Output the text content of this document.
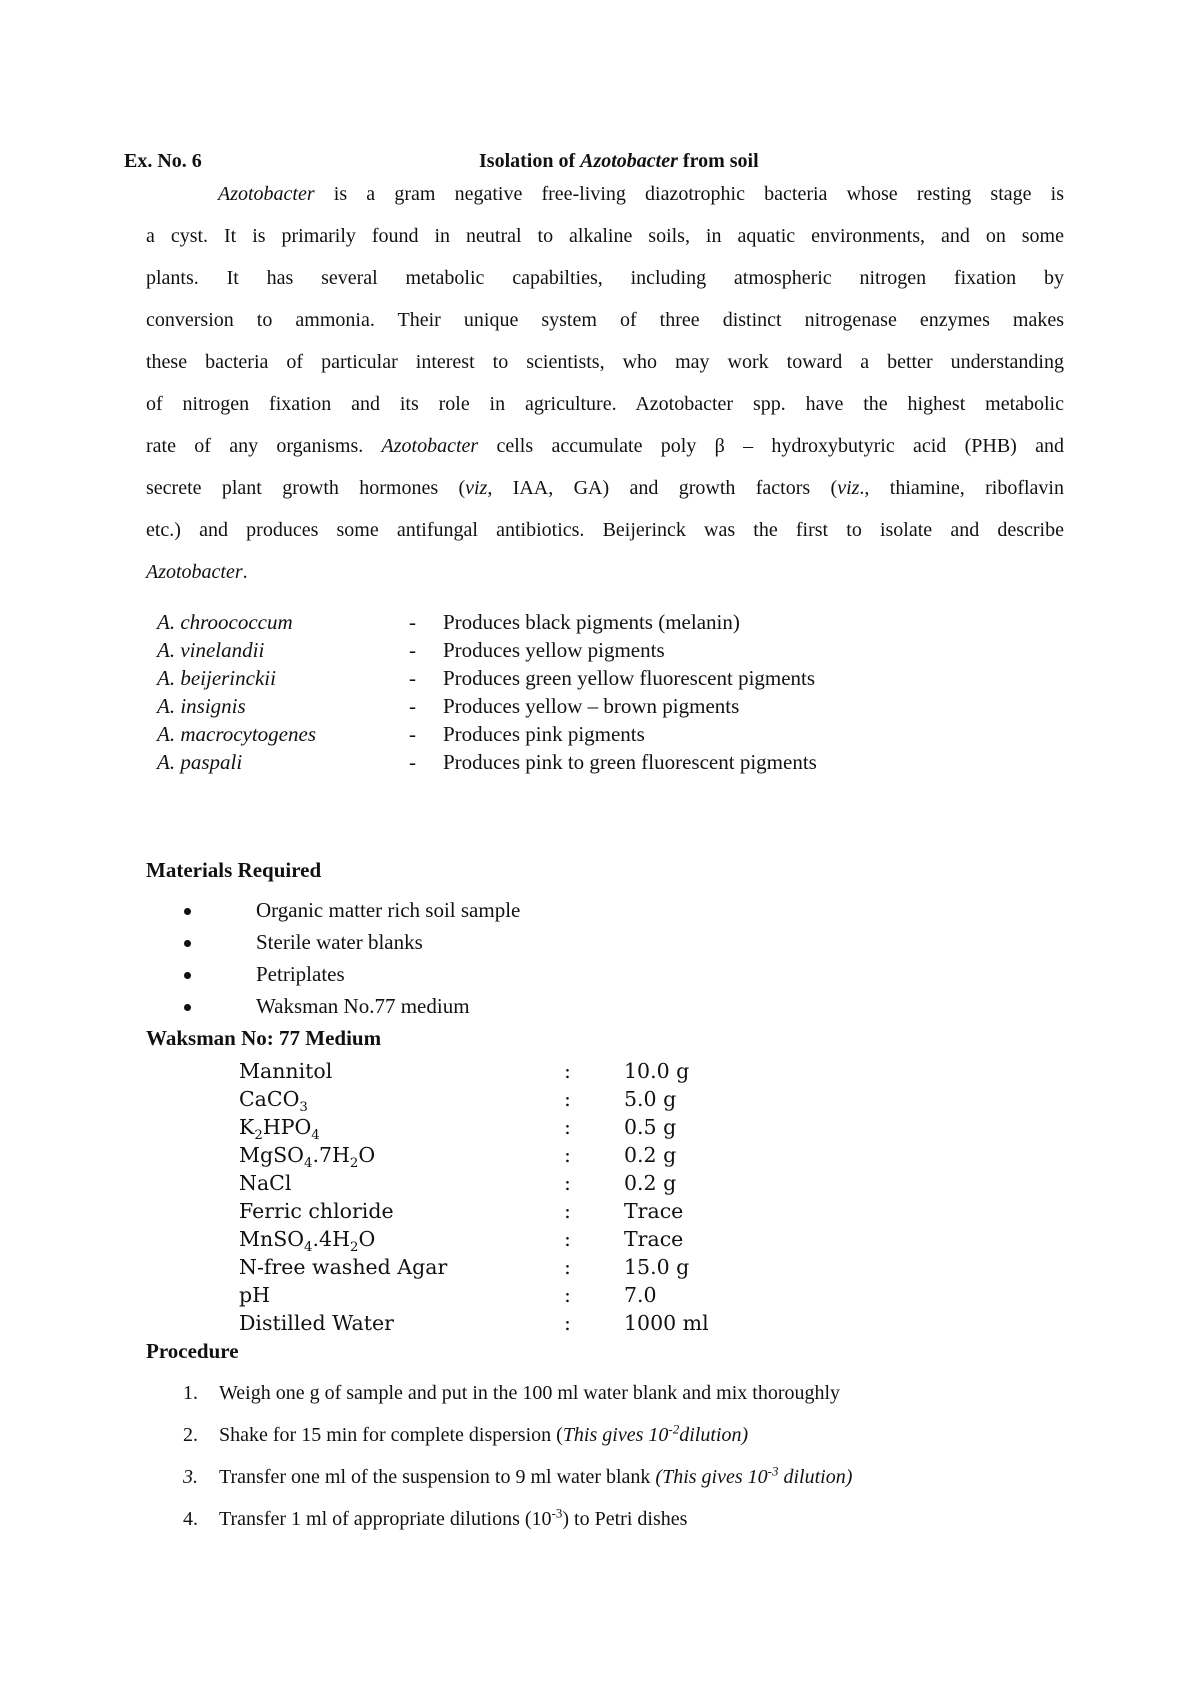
Ex. No. 6	Isolation of Azotobacter from soil
Azotobacter is a gram negative free-living diazotrophic bacteria whose resting stage is
a cyst. It is primarily found in neutral to alkaline soils, in aquatic environments, and on some
plants. It has several metabolic capabilties, including atmospheric nitrogen fixation by
conversion to ammonia. Their unique system of three distinct nitrogenase enzymes makes
these bacteria of particular interest to scientists, who may work toward a better understanding
of nitrogen fixation and its role in agriculture. Azotobacter spp. have the highest metabolic
rate of any organisms. Azotobacter cells accumulate poly β – hydroxybutyric acid (PHB) and
secrete plant growth hormones (viz, IAA, GA) and growth factors (viz., thiamine, riboflavin
etc.) and produces some antifungal antibiotics. Beijerinck was the first to isolate and describe
Azotobacter.
A. chroococcum	- Produces black pigments (melanin)
A. vinelandii	- Produces yellow pigments
A. beijerinckii	- Produces green yellow fluorescent pigments
A. insignis	- Produces yellow – brown pigments
A. macrocytogenes	- Produces pink pigments
A. paspali	- Produces pink to green fluorescent pigments
Materials Required
Organic matter rich soil sample
Sterile water blanks
Petriplates
Waksman No.77 medium
Waksman No: 77 Medium
Mannitol	:	10.0 g
CaCO$_3$	:	5.0 g
$K_2HPO_4$	:	0.5 g
$MgSO_4.7H_2O$	:	0.2 g
NaCl	:	0.2 g
Ferric chloride	:	Trace
$MnSO_4.4H_2O$	:	Trace
N-free washed Agar	:	15.0 g
pH	:	7.0
Distilled Water	:	1000 ml
Procedure
1. Weigh one g of sample and put in the 100 ml water blank and mix thoroughly
2. Shake for 15 min for complete dispersion (This gives $10^{-2}dilution$)
3. Transfer one ml of the suspension to 9 ml water blank (This gives $10^{-3}$ dilution)
4. Transfer 1 ml of appropriate dilutions $(10^{-3})$ to Petri dishes
